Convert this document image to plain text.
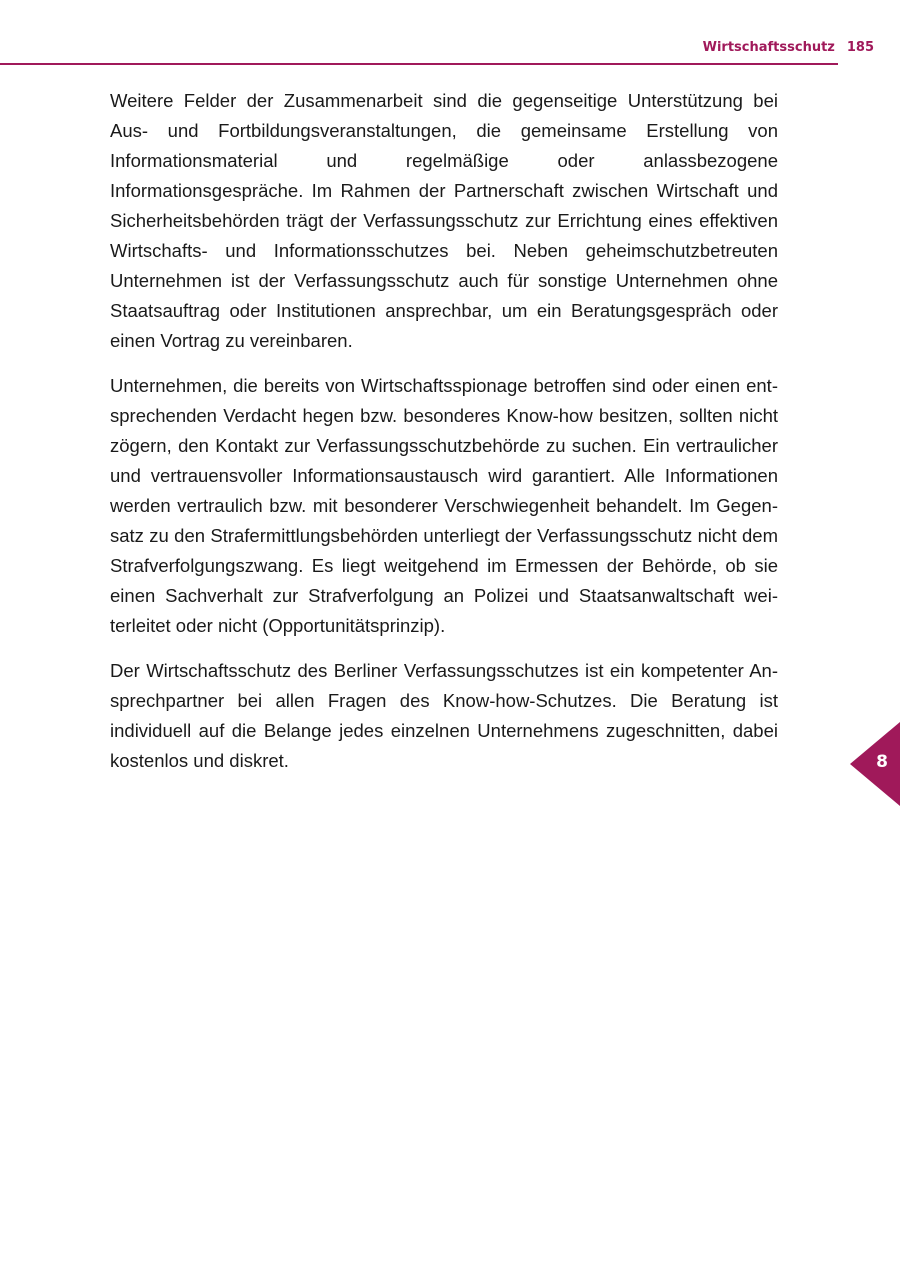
Wirtschaftsschutz 185

Weitere Felder der Zusammenarbeit sind die gegenseitige Unterstützung bei Aus- und Fortbildungsveranstaltungen, die gemeinsame Erstellung von Informationsmaterial und regelmäßige oder anlassbezogene Informationsgespräche. Im Rahmen der Partnerschaft zwischen Wirtschaft und Sicherheitsbehörden trägt der Verfassungsschutz zur Errichtung eines effektiven Wirtschafts- und Informationsschutzes bei. Neben geheimschutzbetreuten Unternehmen ist der Verfassungsschutz auch für sonstige Unternehmen ohne Staatsauftrag oder Institutionen ansprechbar, um ein Beratungsgespräch oder einen Vortrag zu vereinbaren.

Unternehmen, die bereits von Wirtschaftsspionage betroffen sind oder einen entsprechenden Verdacht hegen bzw. besonderes Know-how besitzen, sollten nicht zögern, den Kontakt zur Verfassungsschutzbehörde zu suchen. Ein vertraulicher und vertrauensvoller Informationsaustausch wird garantiert. Alle Informationen werden vertraulich bzw. mit besonderer Verschwiegenheit behandelt. Im Gegensatz zu den Strafermittlungsbehörden unterliegt der Verfassungsschutz nicht dem Strafverfolgungszwang. Es liegt weitgehend im Ermessen der Behörde, ob sie einen Sachverhalt zur Strafverfolgung an Polizei und Staatsanwaltschaft weiterleitet oder nicht (Opportunitätsprinzip).

Der Wirtschaftsschutz des Berliner Verfassungsschutzes ist ein kompetenter Ansprechpartner bei allen Fragen des Know-how-Schutzes. Die Beratung ist individuell auf die Belange jedes einzelnen Unternehmens zugeschnitten, dabei kostenlos und diskret.	8
